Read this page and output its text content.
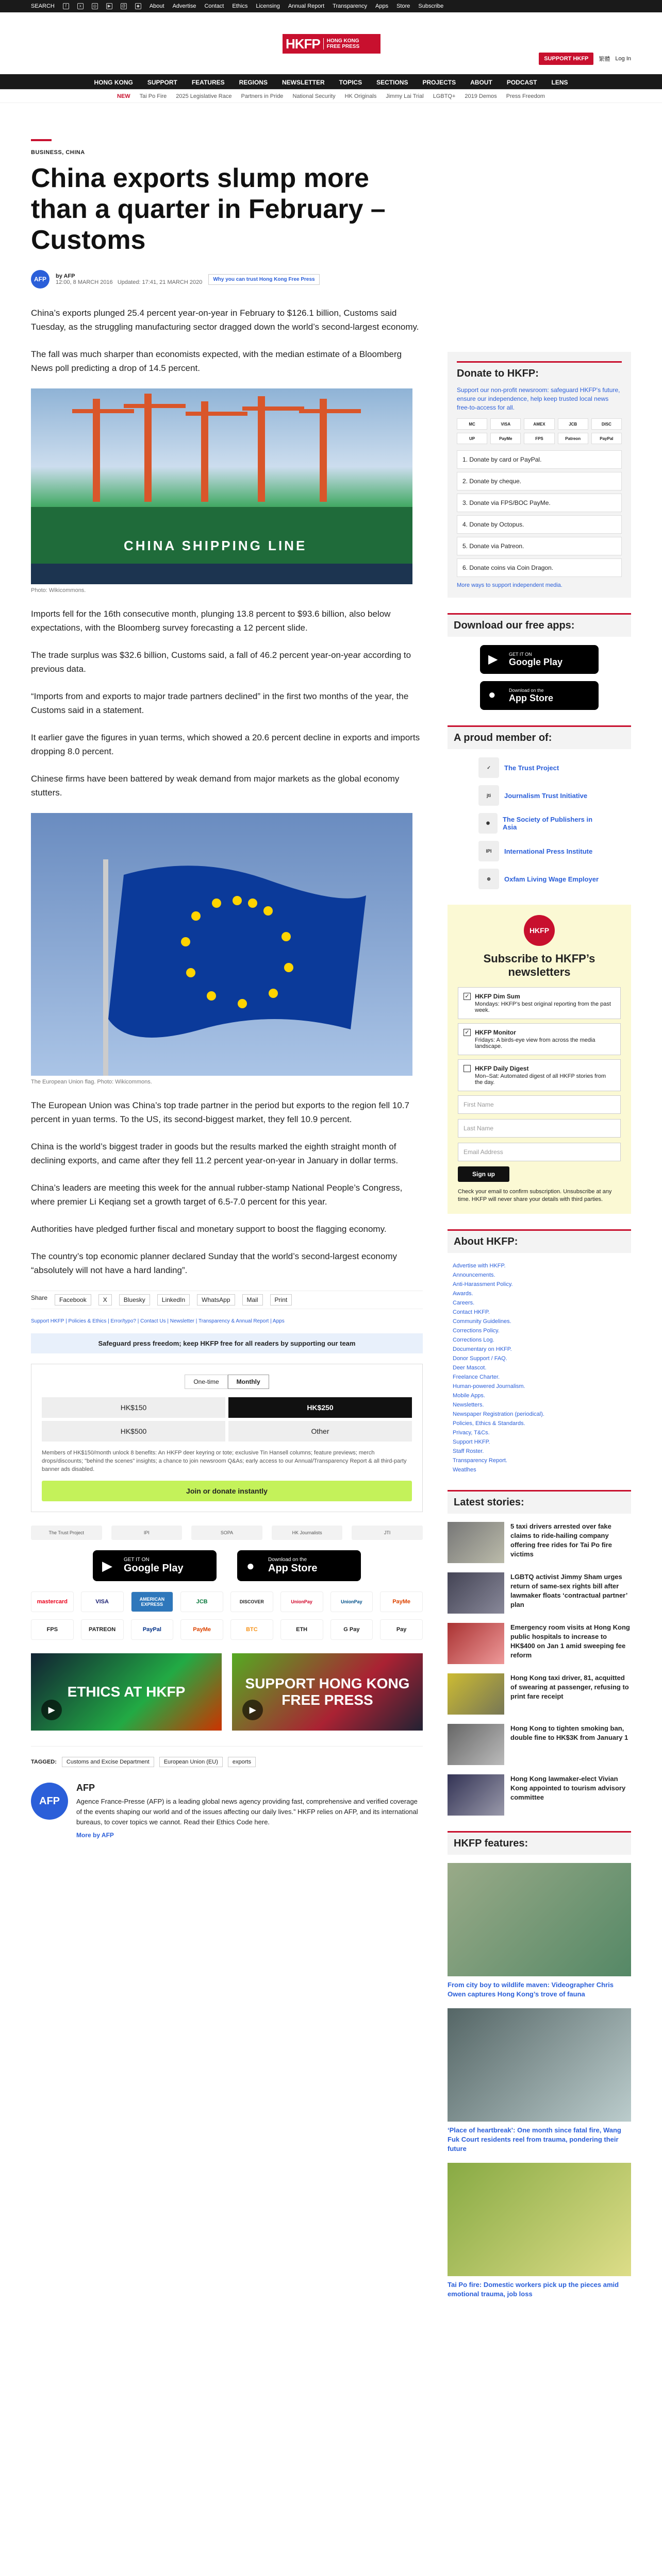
SEARCH	f	x	◎	▶	@	◆ About Advertise Contact Ethics Licensing Annual Report Transparency Apps Store Subscribe
HKFP	HONG KONG
FREE PRESS
SUPPORT HKFP	繁體 Log In
HONG KONG SUPPORT FEATURES REGIONS NEWSLETTER TOPICS SECTIONS PROJECTS ABOUT PODCAST LENS
NEW Tai Po Fire 2025 Legislative Race Partners in Pride National Security HK Originals Jimmy Lai Trial LGBTQ+ 2019 Demos Press Freedom
BUSINESS, CHINA
China exports slump more than a quarter in February – Customs
AFP	by AFP
12:00, 8 MARCH 2016 Updated: 17:41, 21 MARCH 2020	Why you can trust Hong Kong Free Press

China’s exports plunged 25.4 percent year-on-year in February to $126.1 billion, Customs said Tuesday, as the struggling manufacturing sector dragged down the world’s second-largest economy.

The fall was much sharper than economists expected, with the median estimate of a Bloomberg News poll predicting a drop of 14.5 percent.

CHINA SHIPPING LINE
Photo: Wikicommons.

Imports fell for the 16th consecutive month, plunging 13.8 percent to $93.6 billion, also below expectations, with the Bloomberg survey forecasting a 12 percent slide.

The trade surplus was $32.6 billion, Customs said, a fall of 46.2 percent year-on-year according to previous data.

“Imports from and exports to major trade partners declined” in the first two months of the year, the Customs said in a statement.

It earlier gave the figures in yuan terms, which showed a 20.6 percent decline in exports and imports dropping 8.0 percent.

Chinese firms have been battered by weak demand from major markets as the global economy stutters.

The European Union flag. Photo: Wikicommons.

The European Union was China’s top trade partner in the period but exports to the region fell 10.7 percent in yuan terms. To the US, its second-biggest market, they fell 10.9 percent.

China is the world’s biggest trader in goods but the results marked the eighth straight month of declining exports, and came after they fell 11.2 percent year-on-year in January in dollar terms.

China’s leaders are meeting this week for the annual rubber-stamp National People’s Congress, where premier Li Keqiang set a growth target of 6.5-7.0 percent for this year.

Authorities have pledged further fiscal and monetary support to boost the flagging economy.

The country’s top economic planner declared Sunday that the world’s second-largest economy “absolutely will not have a hard landing”.

Share	Facebook	X	Bluesky	LinkedIn	WhatsApp	Mail	Print
Support HKFP | Policies & Ethics | Error/typo? | Contact Us | Newsletter | Transparency & Annual Report | Apps
Safeguard press freedom; keep HKFP free for all readers by supporting our team
One-time	Monthly
HK$150	HK$250
HK$500	Other
Members of HK$150/month unlock 8 benefits: An HKFP deer keyring or tote; exclusive Tin Hansell columns; feature previews; merch drops/discounts; "behind the scenes" insights; a chance to join newsroom Q&As; early access to our Annual/Transparency Report & all third-party banner ads disabled.
Join or donate instantly
The Trust Project	IPI	SOPA	HK Journalists	JTI
▶ GET IT ON
Google Play	●	Download on the
App Store
mastercard	VISA	AMERICAN EXPRESS	JCB	DISCOVER	UnionPay	UnionPay	PayMe
FPS	PATREON	PayPal	PayMe	BTC	ETH	G Pay	Pay
ETHICS AT HKFP
▶
SUPPORT HONG KONG FREE PRESS
▶
TAGGED:	Customs and Excise Department	European Union (EU)	exports
AFP
AFP

Agence France-Presse (AFP) is a leading global news agency providing fast, comprehensive and verified coverage of the events shaping our world and of the issues affecting our daily lives.” HKFP relies on AFP, and its international bureaus, to cover topics we cannot. Read their Ethics Code here.

More by AFP
Donate to HKFP:

Support our non-profit newsroom: safeguard HKFP's future, ensure our independence, help keep trusted local news free-to-access for all.

MC	VISA	AMEX	JCB	DISC
UP	PayMe	FPS	Patreon	PayPal
1. Donate by card or PayPal.
2. Donate by cheque.
3. Donate via FPS/BOC PayMe.
4. Donate by Octopus.
5. Donate via Patreon.
6. Donate coins via Coin Dragon.
More ways to support independent media.
Download our free apps:
▶ GET IT ON
Google Play
●	Download on the
App Store
A proud member of:
✓	The Trust Project
jti	Journalism Trust Initiative
✺	The Society of Publishers in Asia
IPI	International Press Institute
⊕	Oxfam Living Wage Employer
HKFP
Subscribe to HKFP’s newsletters
✓ HKFP Dim Sum
Mondays: HKFP’s best original reporting from the past week.
✓ HKFP Monitor
Fridays: A birds-eye view from across the media landscape.
HKFP Daily Digest
Mon–Sat: Automated digest of all HKFP stories from the day.
First Name
Last Name
Email Address
Sign up
Check your email to confirm subscription. Unsubscribe at any time. HKFP will never share your details with third parties.
About HKFP:
Advertise with HKFP.
Announcements.
Anti-Harassment Policy.
Awards.
Careers.
Contact HKFP.
Community Guidelines.
Corrections Policy.
Corrections Log.
Documentary on HKFP.
Donor Support / FAQ.
Deer Mascot.
Freelance Charter.
Human-powered Journalism.
Mobile Apps.
Newsletters.
Newspaper Registration (periodical).
Policies, Ethics & Standards.
Privacy, T&Cs.
Support HKFP.
Staff Roster.
Transparency Report.
Weatlhes
Latest stories:
5 taxi drivers arrested over fake claims to ride-hailing company offering free rides for Tai Po fire victims
LGBTQ activist Jimmy Sham urges return of same-sex rights bill after lawmaker floats ‘contractual partner’ plan
Emergency room visits at Hong Kong public hospitals to increase to HK$400 on Jan 1 amid sweeping fee reform
Hong Kong taxi driver, 81, acquitted of swearing at passenger, refusing to print fare receipt
Hong Kong to tighten smoking ban, double fine to HK$3K from January 1
Hong Kong lawmaker-elect Vivian Kong appointed to tourism advisory committee
HKFP features:
From city boy to wildlife maven: Videographer Chris Owen captures Hong Kong’s trove of fauna
‘Place of heartbreak’: One month since fatal fire, Wang Fuk Court residents reel from trauma, pondering their future
Tai Po fire: Domestic workers pick up the pieces amid emotional trauma, job loss
